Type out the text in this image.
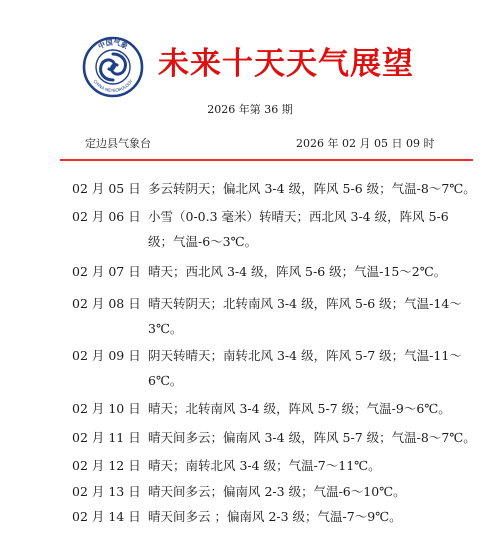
中国气象
CHINA METEOROLOGY 未来十天天气展望
2026 年第 36 期
定边县气象台	2026 年 02 月 05 日 09 时
02 月 05 日 多云转阴天；偏北风 3-4 级，阵风 5-6 级；气温-8～7℃。
02 月 06 日 小雪（0-0.3 毫米）转晴天；西北风 3-4 级，阵风 5-6
级；气温-6～3℃。
02 月 07 日 晴天；西北风 3-4 级，阵风 5-6 级；气温-15～2℃。
02 月 08 日 晴天转阴天；北转南风 3-4 级，阵风 5-6 级；气温-14～
3℃。
02 月 09 日 阴天转晴天；南转北风 3-4 级，阵风 5-7 级；气温-11～
6℃。
02 月 10 日 晴天；北转南风 3-4 级，阵风 5-7 级；气温-9～6℃。
02 月 11 日 晴天间多云；偏南风 3-4 级，阵风 5-7 级；气温-8～7℃。
02 月 12 日 晴天；南转北风 3-4 级；气温-7～11℃。
02 月 13 日 晴天间多云；偏南风 2-3 级；气温-6～10℃。
02 月 14 日 晴天间多云 ；偏南风 2-3 级；气温-7～9℃。
